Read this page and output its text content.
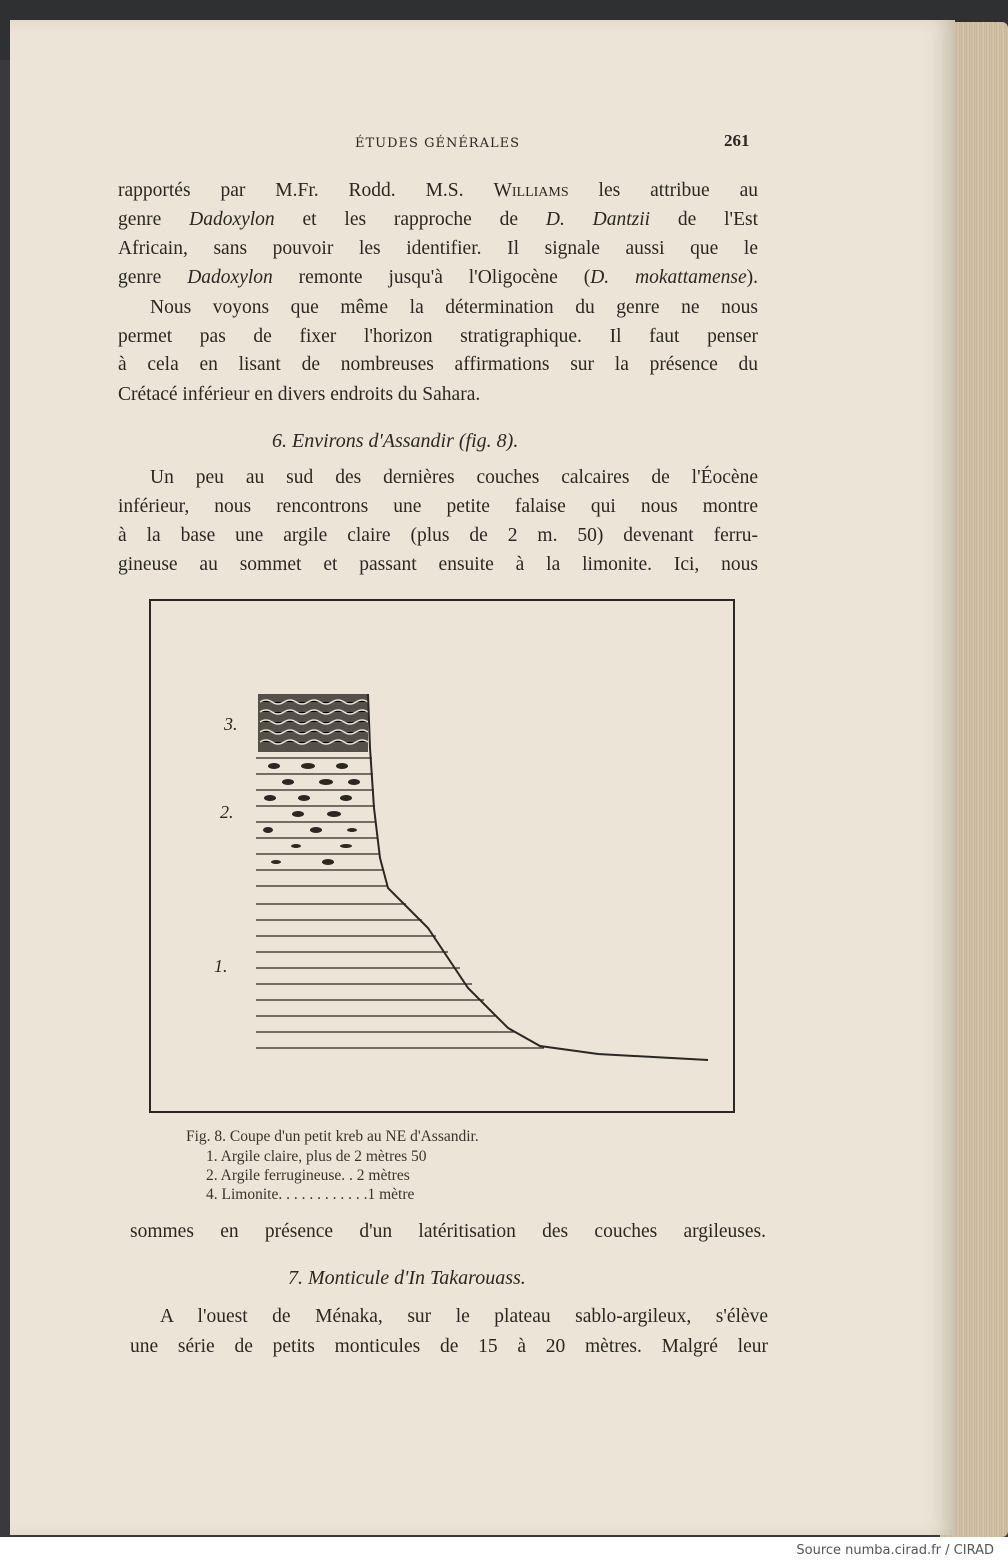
ÉTUDES GÉNÉRALES	261

rapportés par M.Fr. Rodd. M.S. Williams les attribue au

genre Dadoxylon et les rapproche de D. Dantzii de l'Est

Africain, sans pouvoir les identifier. Il signale aussi que le

genre Dadoxylon remonte jusqu'à l'Oligocène (D. mokattamense).

Nous voyons que même la détermination du genre ne nous

permet pas de fixer l'horizon stratigraphique. Il faut penser

à cela en lisant de nombreuses affirmations sur la présence du

Crétacé inférieur en divers endroits du Sahara.

6. Environs d'Assandir (fig. 8).

Un peu au sud des dernières couches calcaires de l'Éocène

inférieur, nous rencontrons une petite falaise qui nous montre

à la base une argile claire (plus de 2 m. 50) devenant ferru-

gineuse au sommet et passant ensuite à la limonite. Ici, nous

3.
2.
1.

Fig. 8. Coupe d'un petit kreb au NE d'Assandir.

1. Argile claire, plus de 2 mètres 50

2. Argile ferrugineuse. . 2 mètres

4. Limonite. . . . . . . . . . . .1 mètre

sommes en présence d'un latéritisation des couches argileuses.

7. Monticule d'In Takarouass.

A l'ouest de Ménaka, sur le plateau sablo-argileux, s'élève

une série de petits monticules de 15 à 20 mètres. Malgré leur

Source numba.cirad.fr / CIRAD
